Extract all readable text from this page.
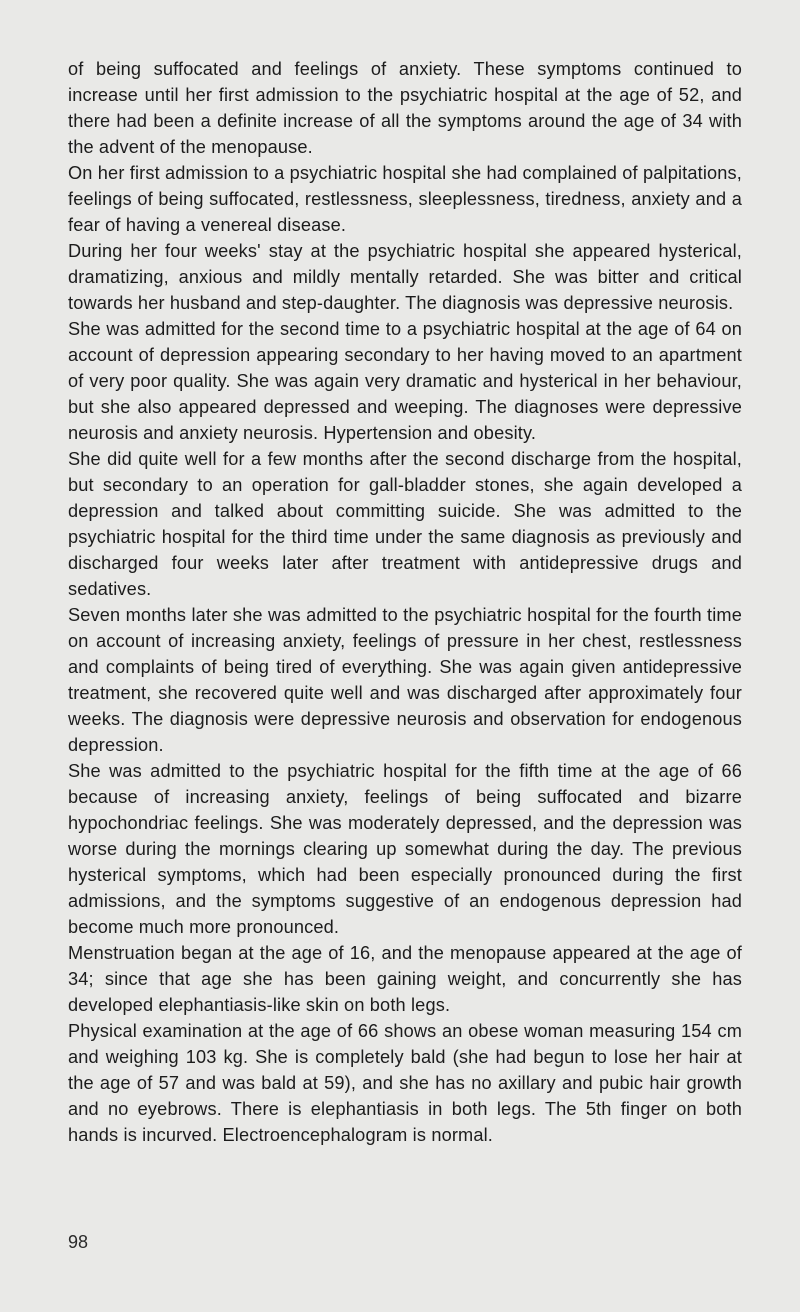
of being suffocated and feelings of anxiety. These symptoms continued to increase until her first admission to the psychiatric hospital at the age of 52, and there had been a definite increase of all the symptoms around the age of 34 with the advent of the menopause.

On her first admission to a psychiatric hospital she had complained of palpitations, feelings of being suffocated, restlessness, sleeplessness, tiredness, anxiety and a fear of having a venereal disease.

During her four weeks' stay at the psychiatric hospital she appeared hysterical, dramatizing, anxious and mildly mentally retarded. She was bitter and critical towards her husband and step-daughter. The diagnosis was depressive neurosis.

She was admitted for the second time to a psychiatric hospital at the age of 64 on account of depression appearing secondary to her having moved to an apartment of very poor quality. She was again very dramatic and hysterical in her behaviour, but she also appeared depressed and weeping. The diagnoses were depressive neurosis and anxiety neurosis. Hypertension and obesity.

She did quite well for a few months after the second discharge from the hospital, but secondary to an operation for gall-bladder stones, she again developed a depression and talked about committing suicide. She was admitted to the psychiatric hospital for the third time under the same diagnosis as previously and discharged four weeks later after treatment with antidepressive drugs and sedatives.

Seven months later she was admitted to the psychiatric hospital for the fourth time on account of increasing anxiety, feelings of pressure in her chest, restlessness and complaints of being tired of everything. She was again given antidepressive treatment, she recovered quite well and was discharged after approximately four weeks. The diagnosis were depressive neurosis and observation for endogenous depression.

She was admitted to the psychiatric hospital for the fifth time at the age of 66 because of increasing anxiety, feelings of being suffocated and bizarre hypochondriac feelings. She was moderately depressed, and the depression was worse during the mornings clearing up somewhat during the day. The previous hysterical symptoms, which had been especially pronounced during the first admissions, and the symptoms suggestive of an endogenous depression had become much more pronounced.

Menstruation began at the age of 16, and the menopause appeared at the age of 34; since that age she has been gaining weight, and concurrently she has developed elephantiasis-like skin on both legs.

Physical examination at the age of 66 shows an obese woman measuring 154 cm and weighing 103 kg. She is completely bald (she had begun to lose her hair at the age of 57 and was bald at 59), and she has no axillary and pubic hair growth and no eyebrows. There is elephantiasis in both legs. The 5th finger on both hands is incurved. Electroencephalogram is normal.

98
